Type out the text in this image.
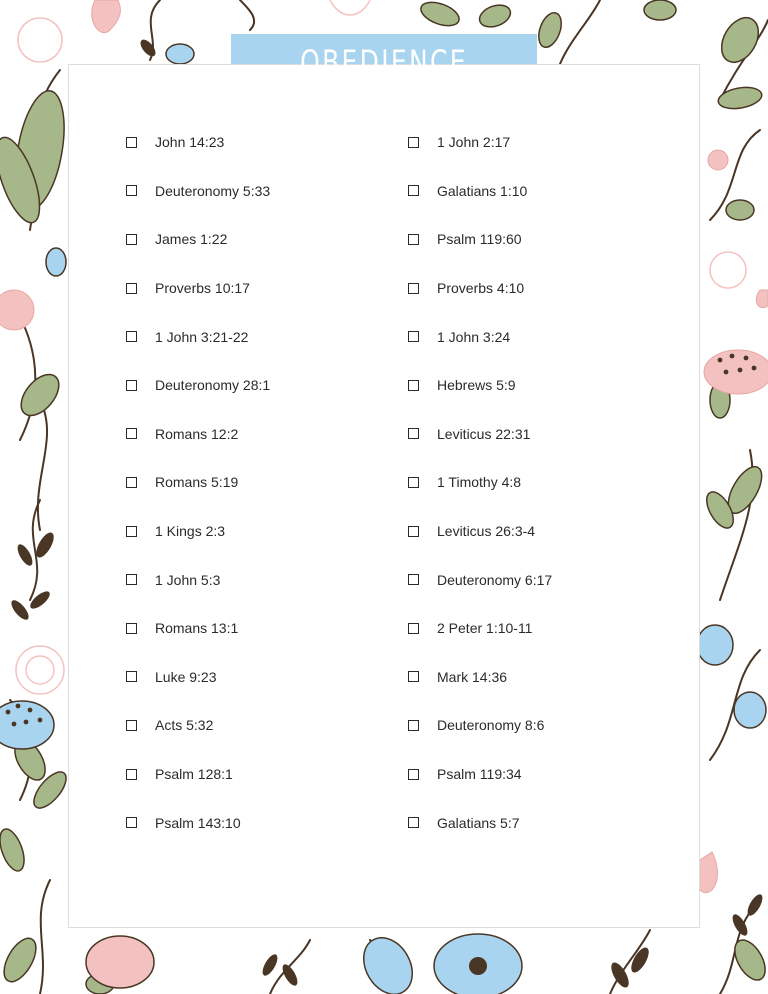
OBEDIENCE
John 14:23
Deuteronomy 5:33
James 1:22
Proverbs 10:17
1 John 3:21-22
Deuteronomy 28:1
Romans 12:2
Romans 5:19
1 Kings 2:3
1 John 5:3
Romans 13:1
Luke 9:23
Acts 5:32
Psalm 128:1
Psalm 143:10
1 John 2:17
Galatians 1:10
Psalm 119:60
Proverbs 4:10
1 John 3:24
Hebrews 5:9
Leviticus 22:31
1 Timothy 4:8
Leviticus 26:3-4
Deuteronomy 6:17
2 Peter 1:10-11
Mark 14:36
Deuteronomy 8:6
Psalm 119:34
Galatians 5:7
